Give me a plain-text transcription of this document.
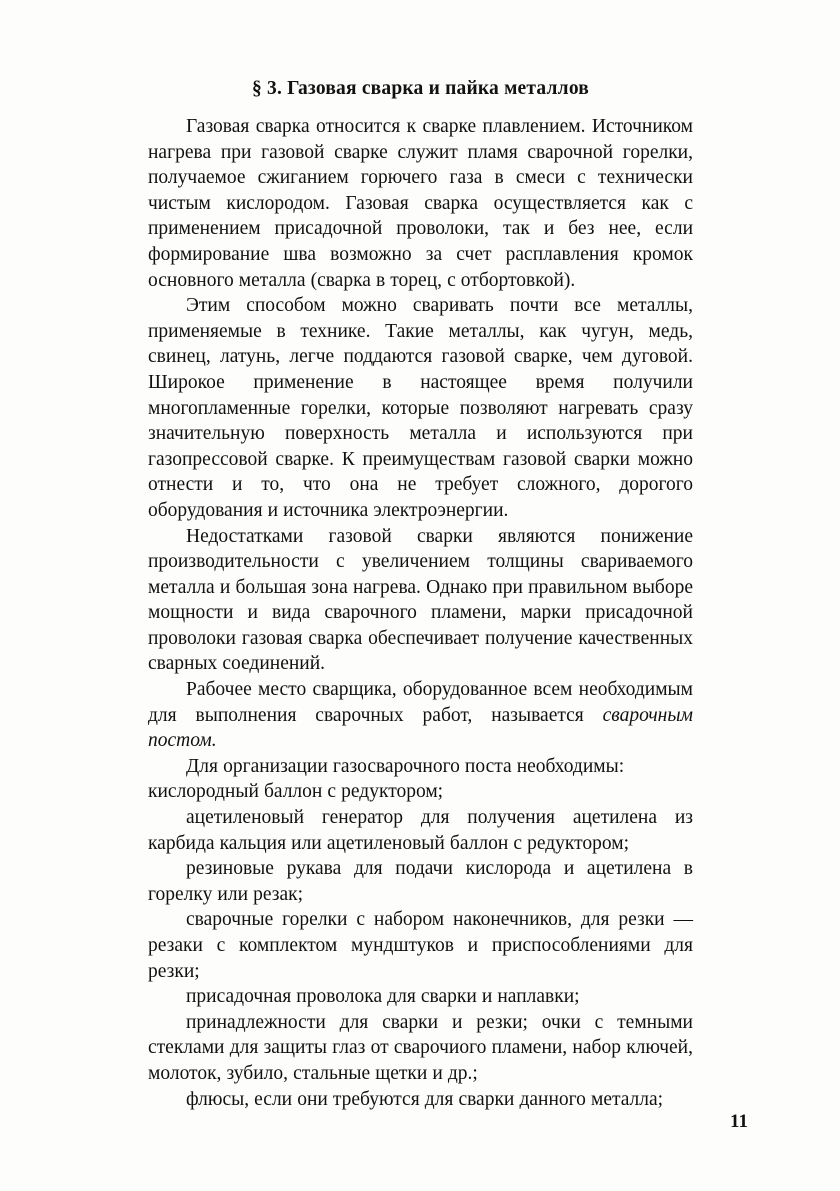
§ 3. Газовая сварка и пайка металлов

Газовая сварка относится к сварке плавлением. Источником нагрева при газовой сварке служит пламя сварочной горелки, получаемое сжиганием горючего газа в смеси с технически чистым кислородом. Газовая сварка осуществляется как с применением присадочной проволоки, так и без нее, если формирование шва возможно за счет расплавления кромок основного металла (сварка в торец, с отбортовкой).

Этим способом можно сваривать почти все металлы, применяемые в технике. Такие металлы, как чугун, медь, свинец, латунь, легче поддаются газовой сварке, чем дуговой. Широкое применение в настоящее время получили многопламенные горелки, которые позволяют нагревать сразу значительную поверхность металла и используются при газопрессовой сварке. К преимуществам газовой сварки можно отнести и то, что она не требует сложного, дорогого оборудования и источника электроэнергии.

Недостатками газовой сварки являются понижение производительности с увеличением толщины свариваемого металла и большая зона нагрева. Однако при правильном выборе мощности и вида сварочного пламени, марки присадочной проволоки газовая сварка обеспечивает получение качественных сварных соединений.

Рабочее место сварщика, оборудованное всем необходимым для выполнения сварочных работ, называется сварочным постом.

Для организации газосварочного поста необходимы:

кислородный баллон с редуктором;

ацетиленовый генератор для получения ацетилена из карбида кальция или ацетиленовый баллон с редуктором;

резиновые рукава для подачи кислорода и ацетилена в горелку или резак;

сварочные горелки с набором наконечников, для резки — резаки с комплектом мундштуков и приспособлениями для резки;

присадочная проволока для сварки и наплавки;

принадлежности для сварки и резки; очки с темными стеклами для защиты глаз от сварочиого пламени, набор ключей, молоток, зубило, стальные щетки и др.;

флюсы, если они требуются для сварки данного металла;

11
